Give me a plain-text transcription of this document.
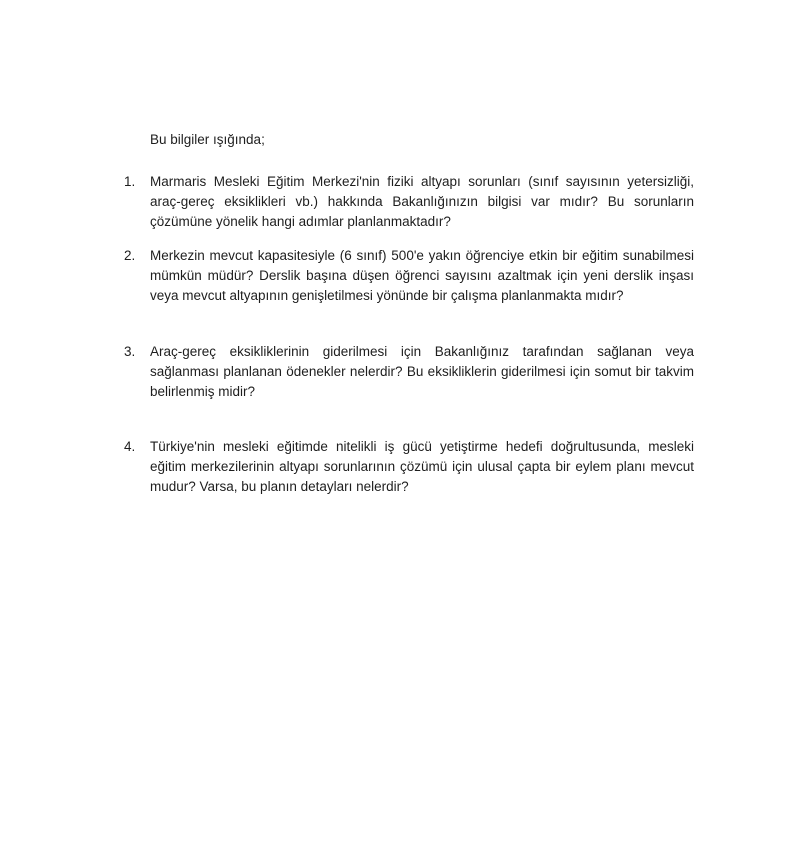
Bu bilgiler ışığında;

1.	Marmaris Mesleki Eğitim Merkezi'nin fiziki altyapı sorunları (sınıf sayısının yetersizliği, araç-gereç eksiklikleri vb.) hakkında Bakanlığınızın bilgisi var mıdır? Bu sorunların çözümüne yönelik hangi adımlar planlanmaktadır?

2.	Merkezin mevcut kapasitesiyle (6 sınıf) 500'e yakın öğrenciye etkin bir eğitim sunabilmesi mümkün müdür? Derslik başına düşen öğrenci sayısını azaltmak için yeni derslik inşası veya mevcut altyapının genişletilmesi yönünde bir çalışma planlanmakta mıdır?

3.	Araç-gereç eksikliklerinin giderilmesi için Bakanlığınız tarafından sağlanan veya sağlanması planlanan ödenekler nelerdir? Bu eksikliklerin giderilmesi için somut bir takvim belirlenmiş midir?

4.	Türkiye'nin mesleki eğitimde nitelikli iş gücü yetiştirme hedefi doğrultusunda, mesleki eğitim merkezilerinin altyapı sorunlarının çözümü için ulusal çapta bir eylem planı mevcut mudur? Varsa, bu planın detayları nelerdir?
